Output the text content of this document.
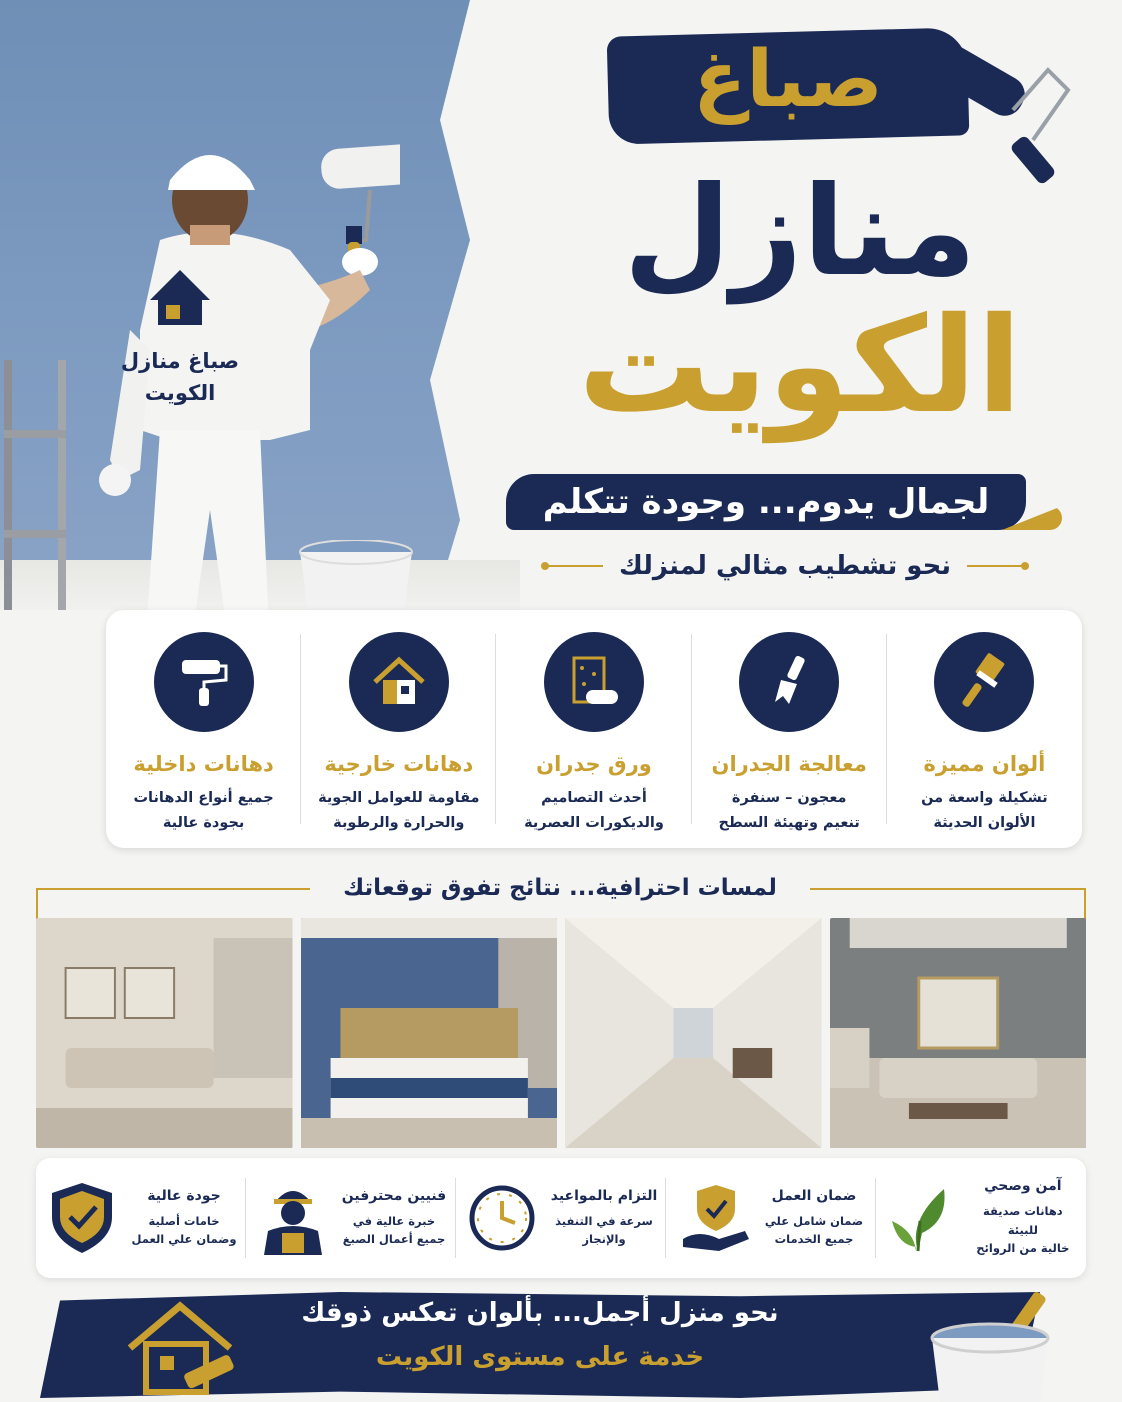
صباغ منازل
الكويت
صباغ
منازل
الكويت
لجمال يدوم... وجودة تتكلم
نحو تشطيب مثالي لمنزلك
ألوان مميزة
تشكيلة واسعة من
الألوان الحديثة
معالجة الجدران
معجون – سنفرة
تنعيم وتهيئة السطح
ورق جدران
أحدث التصاميم
والديكورات العصرية
دهانات خارجية
مقاومة للعوامل الجوية
والحرارة والرطوبة
دهانات داخلية
جميع أنواع الدهانات
بجودة عالية
لمسات احترافية... نتائج تفوق توقعاتك
آمن وصحي
دهانات صديقة للبيئة
خالية من الروائح
ضمان العمل
ضمان شامل علي
جميع الخدمات
التزام بالمواعيد
سرعة في التنفيذ
والإنجاز
فنيين محترفين
خبرة عالية في
جميع أعمال الصبغ
جودة عالية
خامات أصلية
وضمان علي العمل
نحو منزل أجمل... بألوان تعكس ذوقك
خدمة على مستوى الكويت
